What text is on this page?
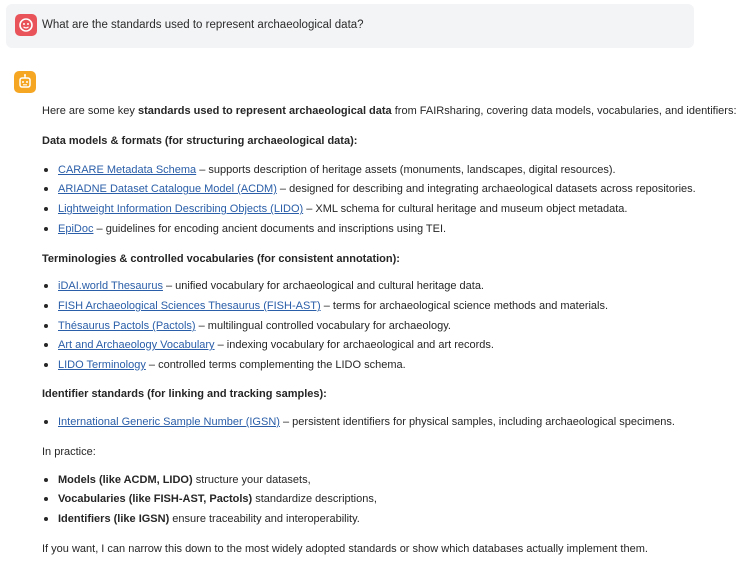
What are the standards used to represent archaeological data?
Here are some key standards used to represent archaeological data from FAIRsharing, covering data models, vocabularies, and identifiers:
Data models & formats (for structuring archaeological data):
CARARE Metadata Schema – supports description of heritage assets (monuments, landscapes, digital resources).
ARIADNE Dataset Catalogue Model (ACDM) – designed for describing and integrating archaeological datasets across repositories.
Lightweight Information Describing Objects (LIDO) – XML schema for cultural heritage and museum object metadata.
EpiDoc – guidelines for encoding ancient documents and inscriptions using TEI.
Terminologies & controlled vocabularies (for consistent annotation):
iDAI.world Thesaurus – unified vocabulary for archaeological and cultural heritage data.
FISH Archaeological Sciences Thesaurus (FISH-AST) – terms for archaeological science methods and materials.
Thésaurus Pactols (Pactols) – multilingual controlled vocabulary for archaeology.
Art and Archaeology Vocabulary – indexing vocabulary for archaeological and art records.
LIDO Terminology – controlled terms complementing the LIDO schema.
Identifier standards (for linking and tracking samples):
International Generic Sample Number (IGSN) – persistent identifiers for physical samples, including archaeological specimens.
In practice:
Models (like ACDM, LIDO) structure your datasets,
Vocabularies (like FISH-AST, Pactols) standardize descriptions,
Identifiers (like IGSN) ensure traceability and interoperability.
If you want, I can narrow this down to the most widely adopted standards or show which databases actually implement them.
